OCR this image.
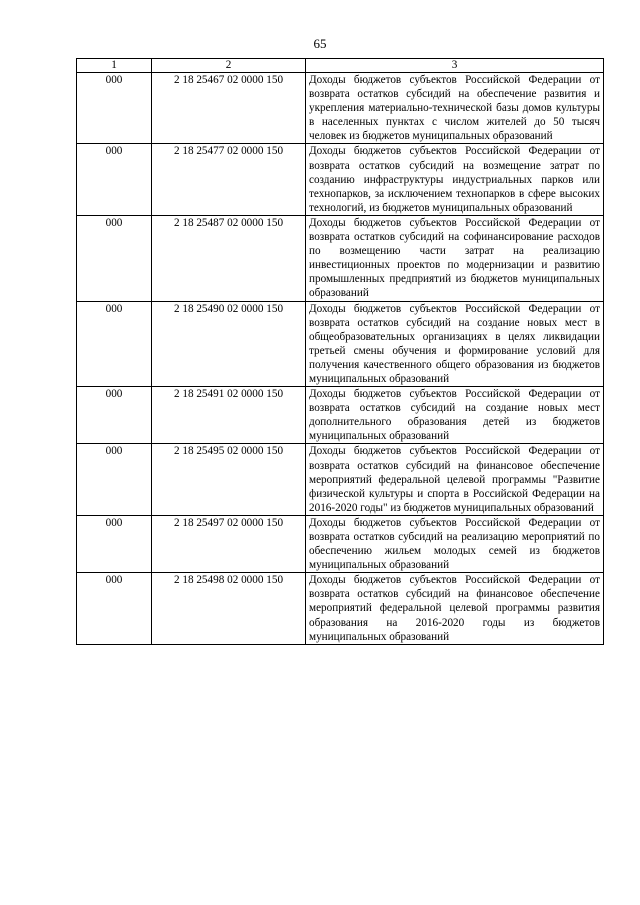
65
1	2	3
000	2 18 25467 02 0000 150	Доходы бюджетов субъектов Российской Федерации от возврата остатков субсидий на обеспечение развития и укрепления материально-технической базы домов культуры в населенных пунктах с числом жителей до 50 тысяч человек из бюджетов муниципальных образований
000	2 18 25477 02 0000 150	Доходы бюджетов субъектов Российской Федерации от возврата остатков субсидий на возмещение затрат по созданию инфраструктуры индустриальных парков или технопарков, за исключением технопарков в сфере высоких технологий, из бюджетов муниципальных образований
000	2 18 25487 02 0000 150	Доходы бюджетов субъектов Российской Федерации от возврата остатков субсидий на софинансирование расходов по возмещению части затрат на реализацию инвестиционных проектов по модернизации и развитию промышленных предприятий из бюджетов муниципальных образований
000	2 18 25490 02 0000 150	Доходы бюджетов субъектов Российской Федерации от возврата остатков субсидий на создание новых мест в общеобразовательных организациях в целях ликвидации третьей смены обучения и формирование условий для получения качественного общего образования из бюджетов муниципальных образований
000	2 18 25491 02 0000 150	Доходы бюджетов субъектов Российской Федерации от возврата остатков субсидий на создание новых мест дополнительного образования детей из бюджетов муниципальных образований
000	2 18 25495 02 0000 150	Доходы бюджетов субъектов Российской Федерации от возврата остатков субсидий на финансовое обеспечение мероприятий федеральной целевой программы "Развитие физической культуры и спорта в Российской Федерации на 2016-2020 годы" из бюджетов муниципальных образований
000	2 18 25497 02 0000 150	Доходы бюджетов субъектов Российской Федерации от возврата остатков субсидий на реализацию мероприятий по обеспечению жильем молодых семей из бюджетов муниципальных образований
000	2 18 25498 02 0000 150	Доходы бюджетов субъектов Российской Федерации от возврата остатков субсидий на финансовое обеспечение мероприятий федеральной целевой программы развития образования на 2016-2020 годы из бюджетов муниципальных образований
